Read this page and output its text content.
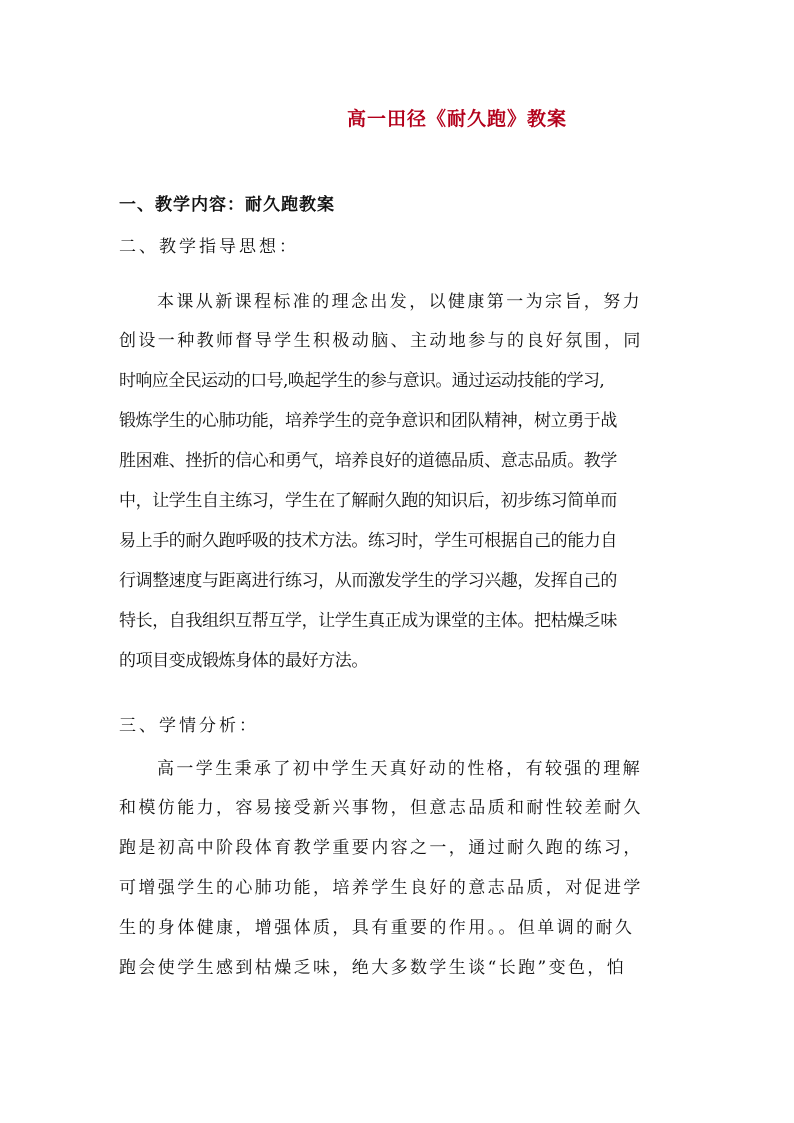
高一田径《耐久跑》教案
一、教学内容：耐久跑教案
二、教学指导思想：
本课从新课程标准的理念出发，以健康第一为宗旨，努力
创设一种教师督导学生积极动脑、主动地参与的良好氛围，同
时响应全民运动的口号,唤起学生的参与意识。通过运动技能的学习,
锻炼学生的心肺功能，培养学生的竞争意识和团队精神，树立勇于战
胜困难、挫折的信心和勇气，培养良好的道德品质、意志品质。教学
中，让学生自主练习，学生在了解耐久跑的知识后，初步练习简单而
易上手的耐久跑呼吸的技术方法。练习时，学生可根据自己的能力自
行调整速度与距离进行练习，从而激发学生的学习兴趣，发挥自己的
特长，自我组织互帮互学，让学生真正成为课堂的主体。把枯燥乏味
的项目变成锻炼身体的最好方法。
三、学情分析：
高一学生秉承了初中学生天真好动的性格，有较强的理解
和模仿能力，容易接受新兴事物，但意志品质和耐性较差耐久
跑是初高中阶段体育教学重要内容之一，通过耐久跑的练习，
可增强学生的心肺功能，培养学生良好的意志品质，对促进学
生的身体健康，增强体质，具有重要的作用。。但单调的耐久
跑会使学生感到枯燥乏味，绝大多数学生谈“长跑”变色，怕
